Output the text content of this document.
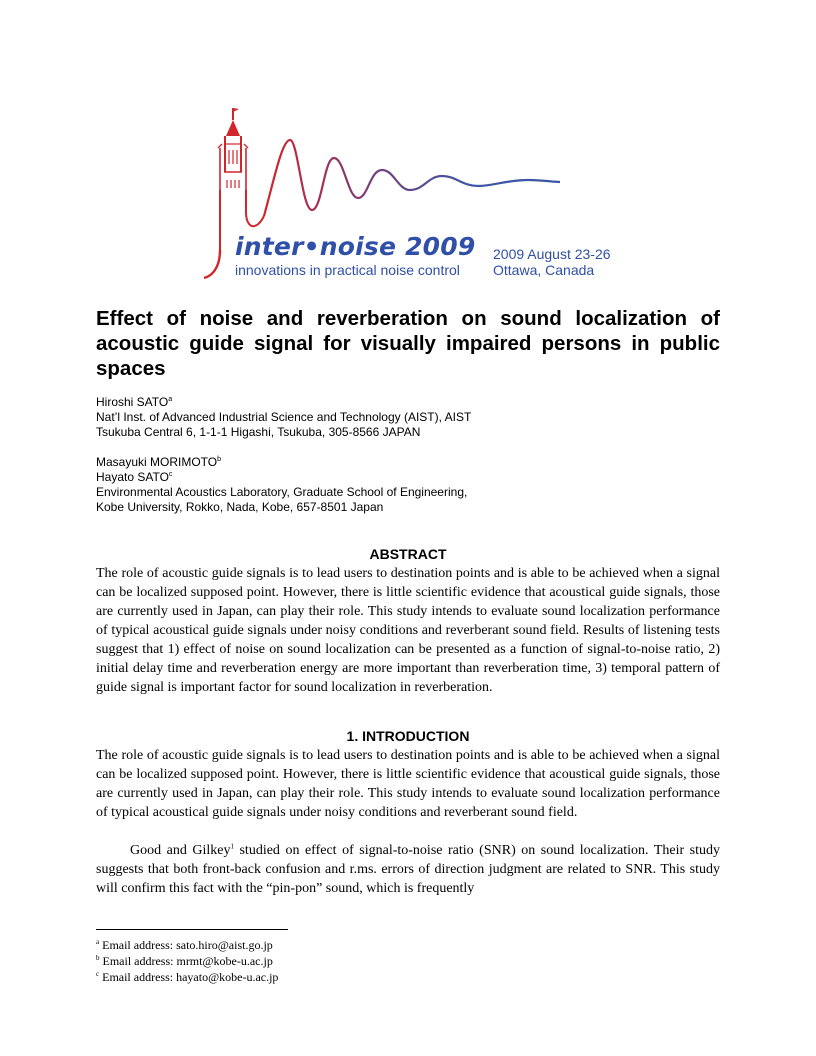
inter•noise 2009
innovations in practical noise control
2009 August 23-26
Ottawa, Canada
Effect of noise and reverberation on sound localization of acoustic guide signal for visually impaired persons in public spaces
Hiroshi SATO$^a$
Nat’l Inst. of Advanced Industrial Science and Technology (AIST), AIST
Tsukuba Central 6, 1-1-1 Higashi, Tsukuba, 305-8566 JAPAN
Masayuki MORIMOTO$^b$
Hayato SATO$^c$
Environmental Acoustics Laboratory, Graduate School of Engineering,
Kobe University, Rokko, Nada, Kobe, 657-8501 Japan
ABSTRACT

The role of acoustic guide signals is to lead users to destination points and is able to be achieved when a signal can be localized supposed point. However, there is little scientific evidence that acoustical guide signals, those are currently used in Japan, can play their role. This study intends to evaluate sound localization performance of typical acoustical guide signals under noisy conditions and reverberant sound field. Results of listening tests suggest that 1) effect of noise on sound localization can be presented as a function of signal-to-noise ratio, 2) initial delay time and reverberation energy are more important than reverberation time, 3) temporal pattern of guide signal is important factor for sound localization in reverberation.

1. INTRODUCTION

The role of acoustic guide signals is to lead users to destination points and is able to be achieved when a signal can be localized supposed point. However, there is little scientific evidence that acoustical guide signals, those are currently used in Japan, can play their role. This study intends to evaluate sound localization performance of typical acoustical guide signals under noisy conditions and reverberant sound field.

Good and Gilkey$^1$ studied on effect of signal-to-noise ratio (SNR) on sound localization. Their study suggests that both front-back confusion and r.ms. errors of direction judgment are related to SNR. This study will confirm this fact with the “pin-pon” sound, which is frequently

$^a$ Email address: sato.hiro@aist.go.jp
$^b$ Email address: mrmt@kobe-u.ac.jp
$^c$ Email address: hayato@kobe-u.ac.jp
